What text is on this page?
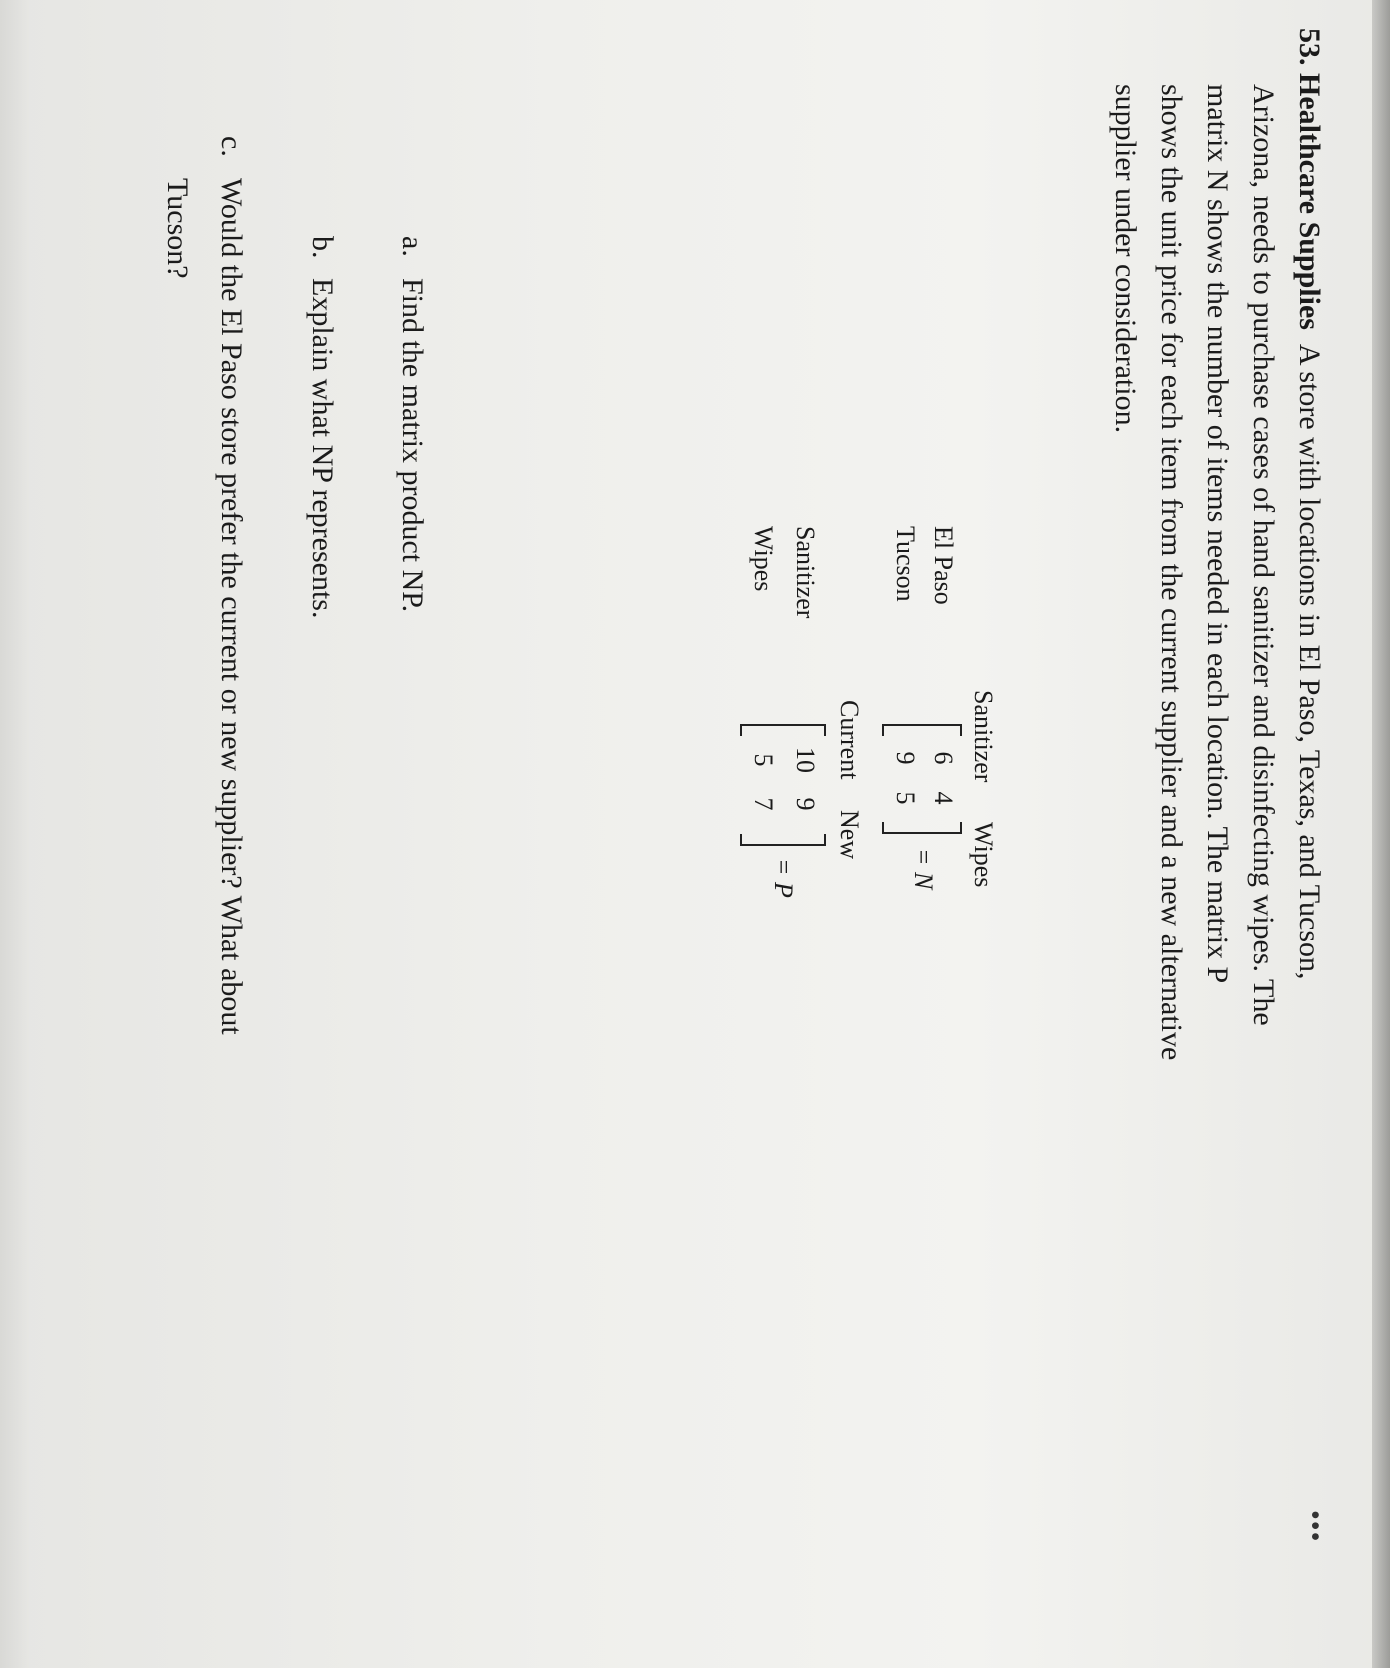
53. Healthcare Supplies A store with locations in El Paso, Texas, and Tucson,

Arizona, needs to purchase cases of hand sanitizer and disinfecting wipes. The

matrix N shows the number of items needed in each location. The matrix P

shows the unit price for each item from the current supplier and a new alternative

supplier under consideration.

•••
Sanitizer
Wipes
El Paso
Tucson
6
4
9
5
= N
Current
New
Sanitizer
Wipes
10
9
5
7
= P
a.Find the matrix product NP.
b.Explain what NP represents.
c.Would the El Paso store prefer the current or new supplier? What about
Tucson?
